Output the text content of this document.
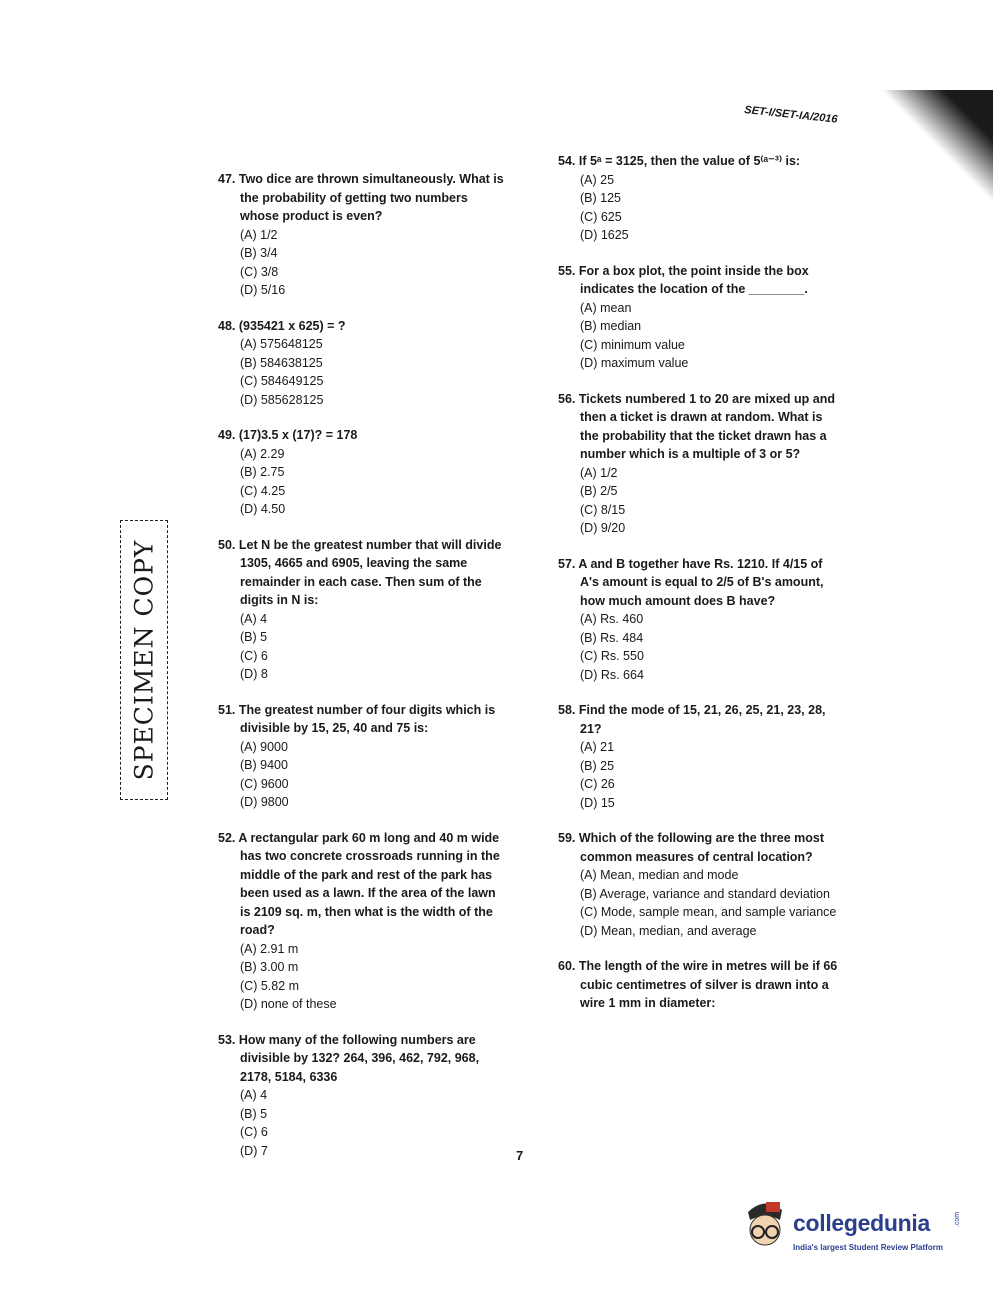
SET-I/SET-IA/2016
SPECIMEN COPY
47. Two dice are thrown simultaneously. What is the probability of getting two numbers whose product is even?
(A) 1/2
(B) 3/4
(C) 3/8
(D) 5/16
48. (935421 x 625) = ?
(A) 575648125
(B) 584638125
(C) 584649125
(D) 585628125
49. (17)3.5 x (17)? = 178
(A) 2.29
(B) 2.75
(C) 4.25
(D) 4.50
50. Let N be the greatest number that will divide 1305, 4665 and 6905, leaving the same remainder in each case. Then sum of the digits in N is:
(A) 4
(B) 5
(C) 6
(D) 8
51. The greatest number of four digits which is divisible by 15, 25, 40 and 75 is:
(A) 9000
(B) 9400
(C) 9600
(D) 9800
52. A rectangular park 60 m long and 40 m wide has two concrete crossroads running in the middle of the park and rest of the park has been used as a lawn. If the area of the lawn is 2109 sq. m, then what is the width of the road?
(A) 2.91 m
(B) 3.00 m
(C) 5.82 m
(D) none of these
53. How many of the following numbers are divisible by 132? 264, 396, 462, 792, 968, 2178, 5184, 6336
(A) 4
(B) 5
(C) 6
(D) 7
54. If 5ᵃ = 3125, then the value of 5⁽ᵃ⁻³⁾ is:
(A) 25
(B) 125
(C) 625
(D) 1625
55. For a box plot, the point inside the box indicates the location of the ________.
(A) mean
(B) median
(C) minimum value
(D) maximum value
56. Tickets numbered 1 to 20 are mixed up and then a ticket is drawn at random. What is the probability that the ticket drawn has a number which is a multiple of 3 or 5?
(A) 1/2
(B) 2/5
(C) 8/15
(D) 9/20
57. A and B together have Rs. 1210. If 4/15 of A's amount is equal to 2/5 of B's amount, how much amount does B have?
(A) Rs. 460
(B) Rs. 484
(C) Rs. 550
(D) Rs. 664
58. Find the mode of 15, 21, 26, 25, 21, 23, 28, 21?
(A) 21
(B) 25
(C) 26
(D) 15
59. Which of the following are the three most common measures of central location?
(A) Mean, median and mode
(B) Average, variance and standard deviation
(C) Mode, sample mean, and sample variance
(D) Mean, median, and average
60. The length of the wire in metres will be if 66 cubic centimetres of silver is drawn into a wire 1 mm in diameter:
7
collegedunia	.com
India's largest Student Review Platform
